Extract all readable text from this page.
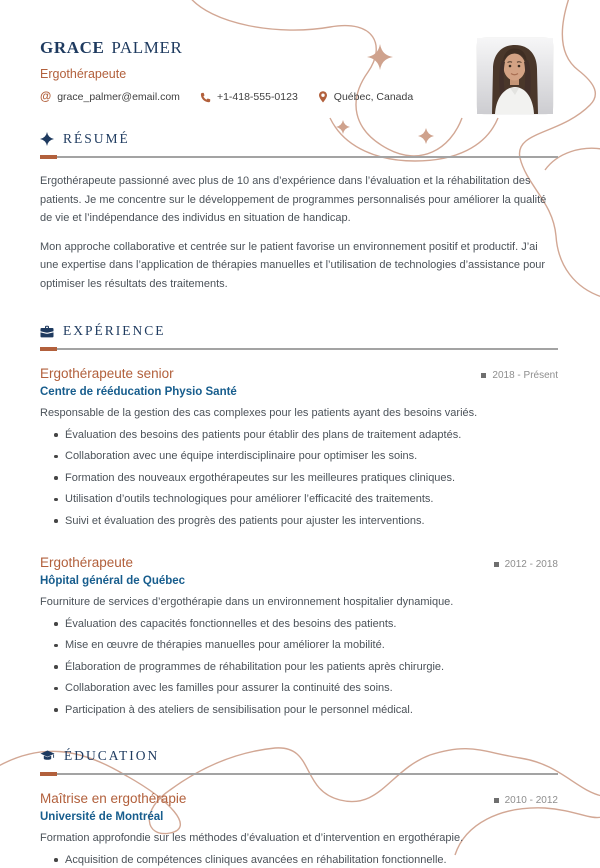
GRACE PALMER
Ergothérapeute
@ grace_palmer@email.com	+1-418-555-0123	Québec, Canada
RÉSUMÉ

Ergothérapeute passionné avec plus de 10 ans d’expérience dans l’évaluation et la réhabilitation des patients. Je me concentre sur le développement de programmes personnalisés pour améliorer la qualité de vie et l’indépendance des individus en situation de handicap.

Mon approche collaborative et centrée sur le patient favorise un environnement positif et productif. J’ai une expertise dans l’application de thérapies manuelles et l’utilisation de technologies d’assistance pour optimiser les résultats des traitements.

EXPÉRIENCE
Ergothérapeute senior	2018 - Présent
Centre de rééducation Physio Santé
Responsable de la gestion des cas complexes pour les patients ayant des besoins variés.
Évaluation des besoins des patients pour établir des plans de traitement adaptés.
Collaboration avec une équipe interdisciplinaire pour optimiser les soins.
Formation des nouveaux ergothérapeutes sur les meilleures pratiques cliniques.
Utilisation d’outils technologiques pour améliorer l’efficacité des traitements.
Suivi et évaluation des progrès des patients pour ajuster les interventions.
Ergothérapeute	2012 - 2018
Hôpital général de Québec
Fourniture de services d’ergothérapie dans un environnement hospitalier dynamique.
Évaluation des capacités fonctionnelles et des besoins des patients.
Mise en œuvre de thérapies manuelles pour améliorer la mobilité.
Élaboration de programmes de réhabilitation pour les patients après chirurgie.
Collaboration avec les familles pour assurer la continuité des soins.
Participation à des ateliers de sensibilisation pour le personnel médical.
ÉDUCATION
Maîtrise en ergothérapie	2010 - 2012
Université de Montréal
Formation approfondie sur les méthodes d’évaluation et d’intervention en ergothérapie.
Acquisition de compétences cliniques avancées en réhabilitation fonctionnelle.
